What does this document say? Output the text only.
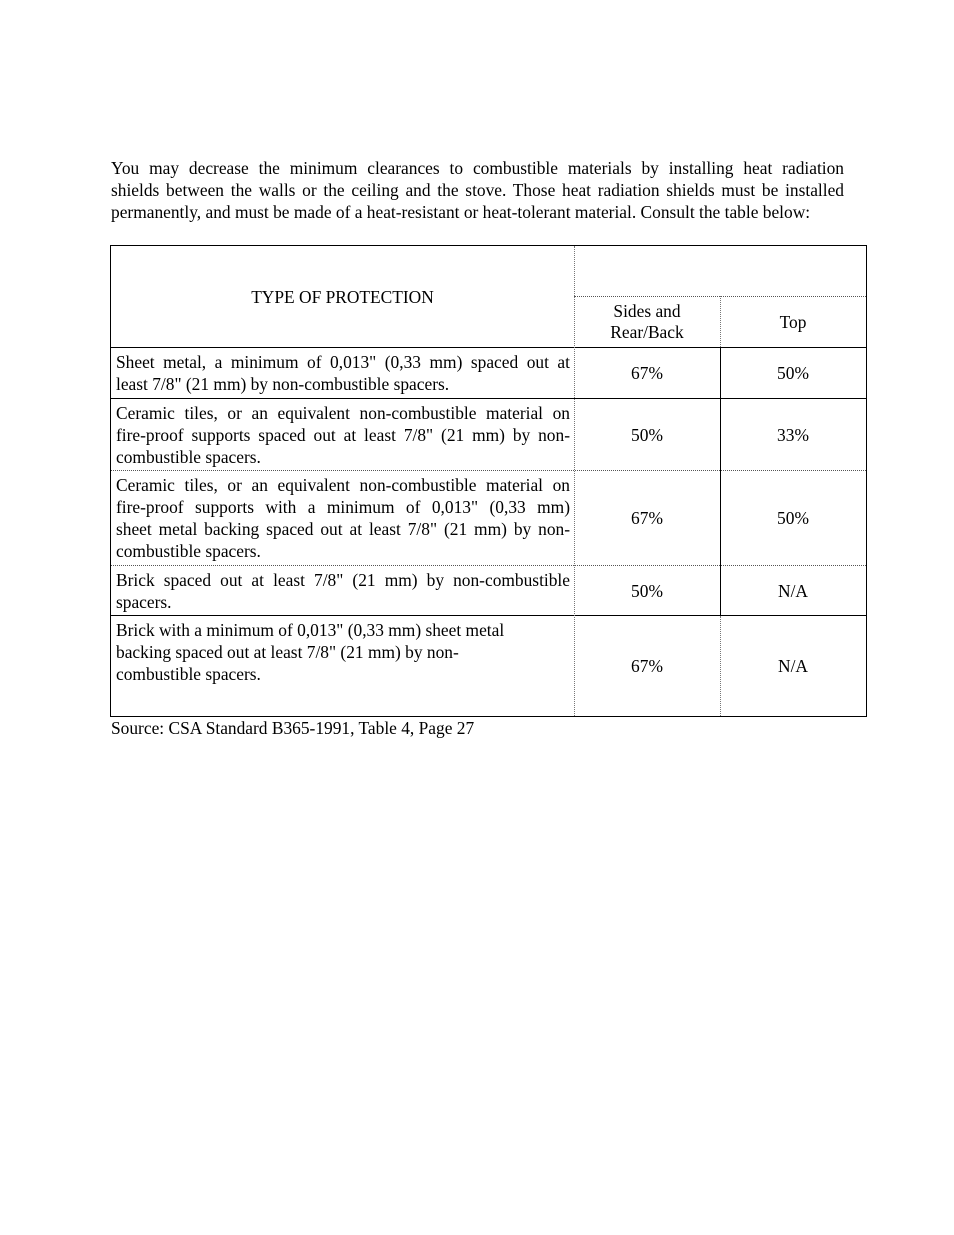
You may decrease the minimum clearances to combustible materials by installing heat radiation
shields between the walls or the ceiling and the stove. Those heat radiation shields must be installed
permanently, and must be made of a heat-resistant or heat-tolerant material. Consult the table below:

TYPE OF PROTECTION
Sides and
Rear/Back	Top
Sheet metal, a minimum of 0,013" (0,33 mm) spaced out at
least 7/8" (21 mm) by non-combustible spacers.
67%	50%
Ceramic tiles, or an equivalent non-combustible material on
fire-proof supports spaced out at least 7/8" (21 mm) by non-
combustible spacers.
50%	33%
Ceramic tiles, or an equivalent non-combustible material on
fire-proof supports with a minimum of 0,013" (0,33 mm)
sheet metal backing spaced out at least 7/8" (21 mm) by non-
combustible spacers.
67%	50%
Brick spaced out at least 7/8" (21 mm) by non-combustible
spacers.
50%	N/A
Brick with a minimum of 0,013" (0,33 mm) sheet metal
backing spaced out at least 7/8" (21 mm) by non-
combustible spacers.	67%	N/A

Source: CSA Standard B365-1991, Table 4, Page 27
